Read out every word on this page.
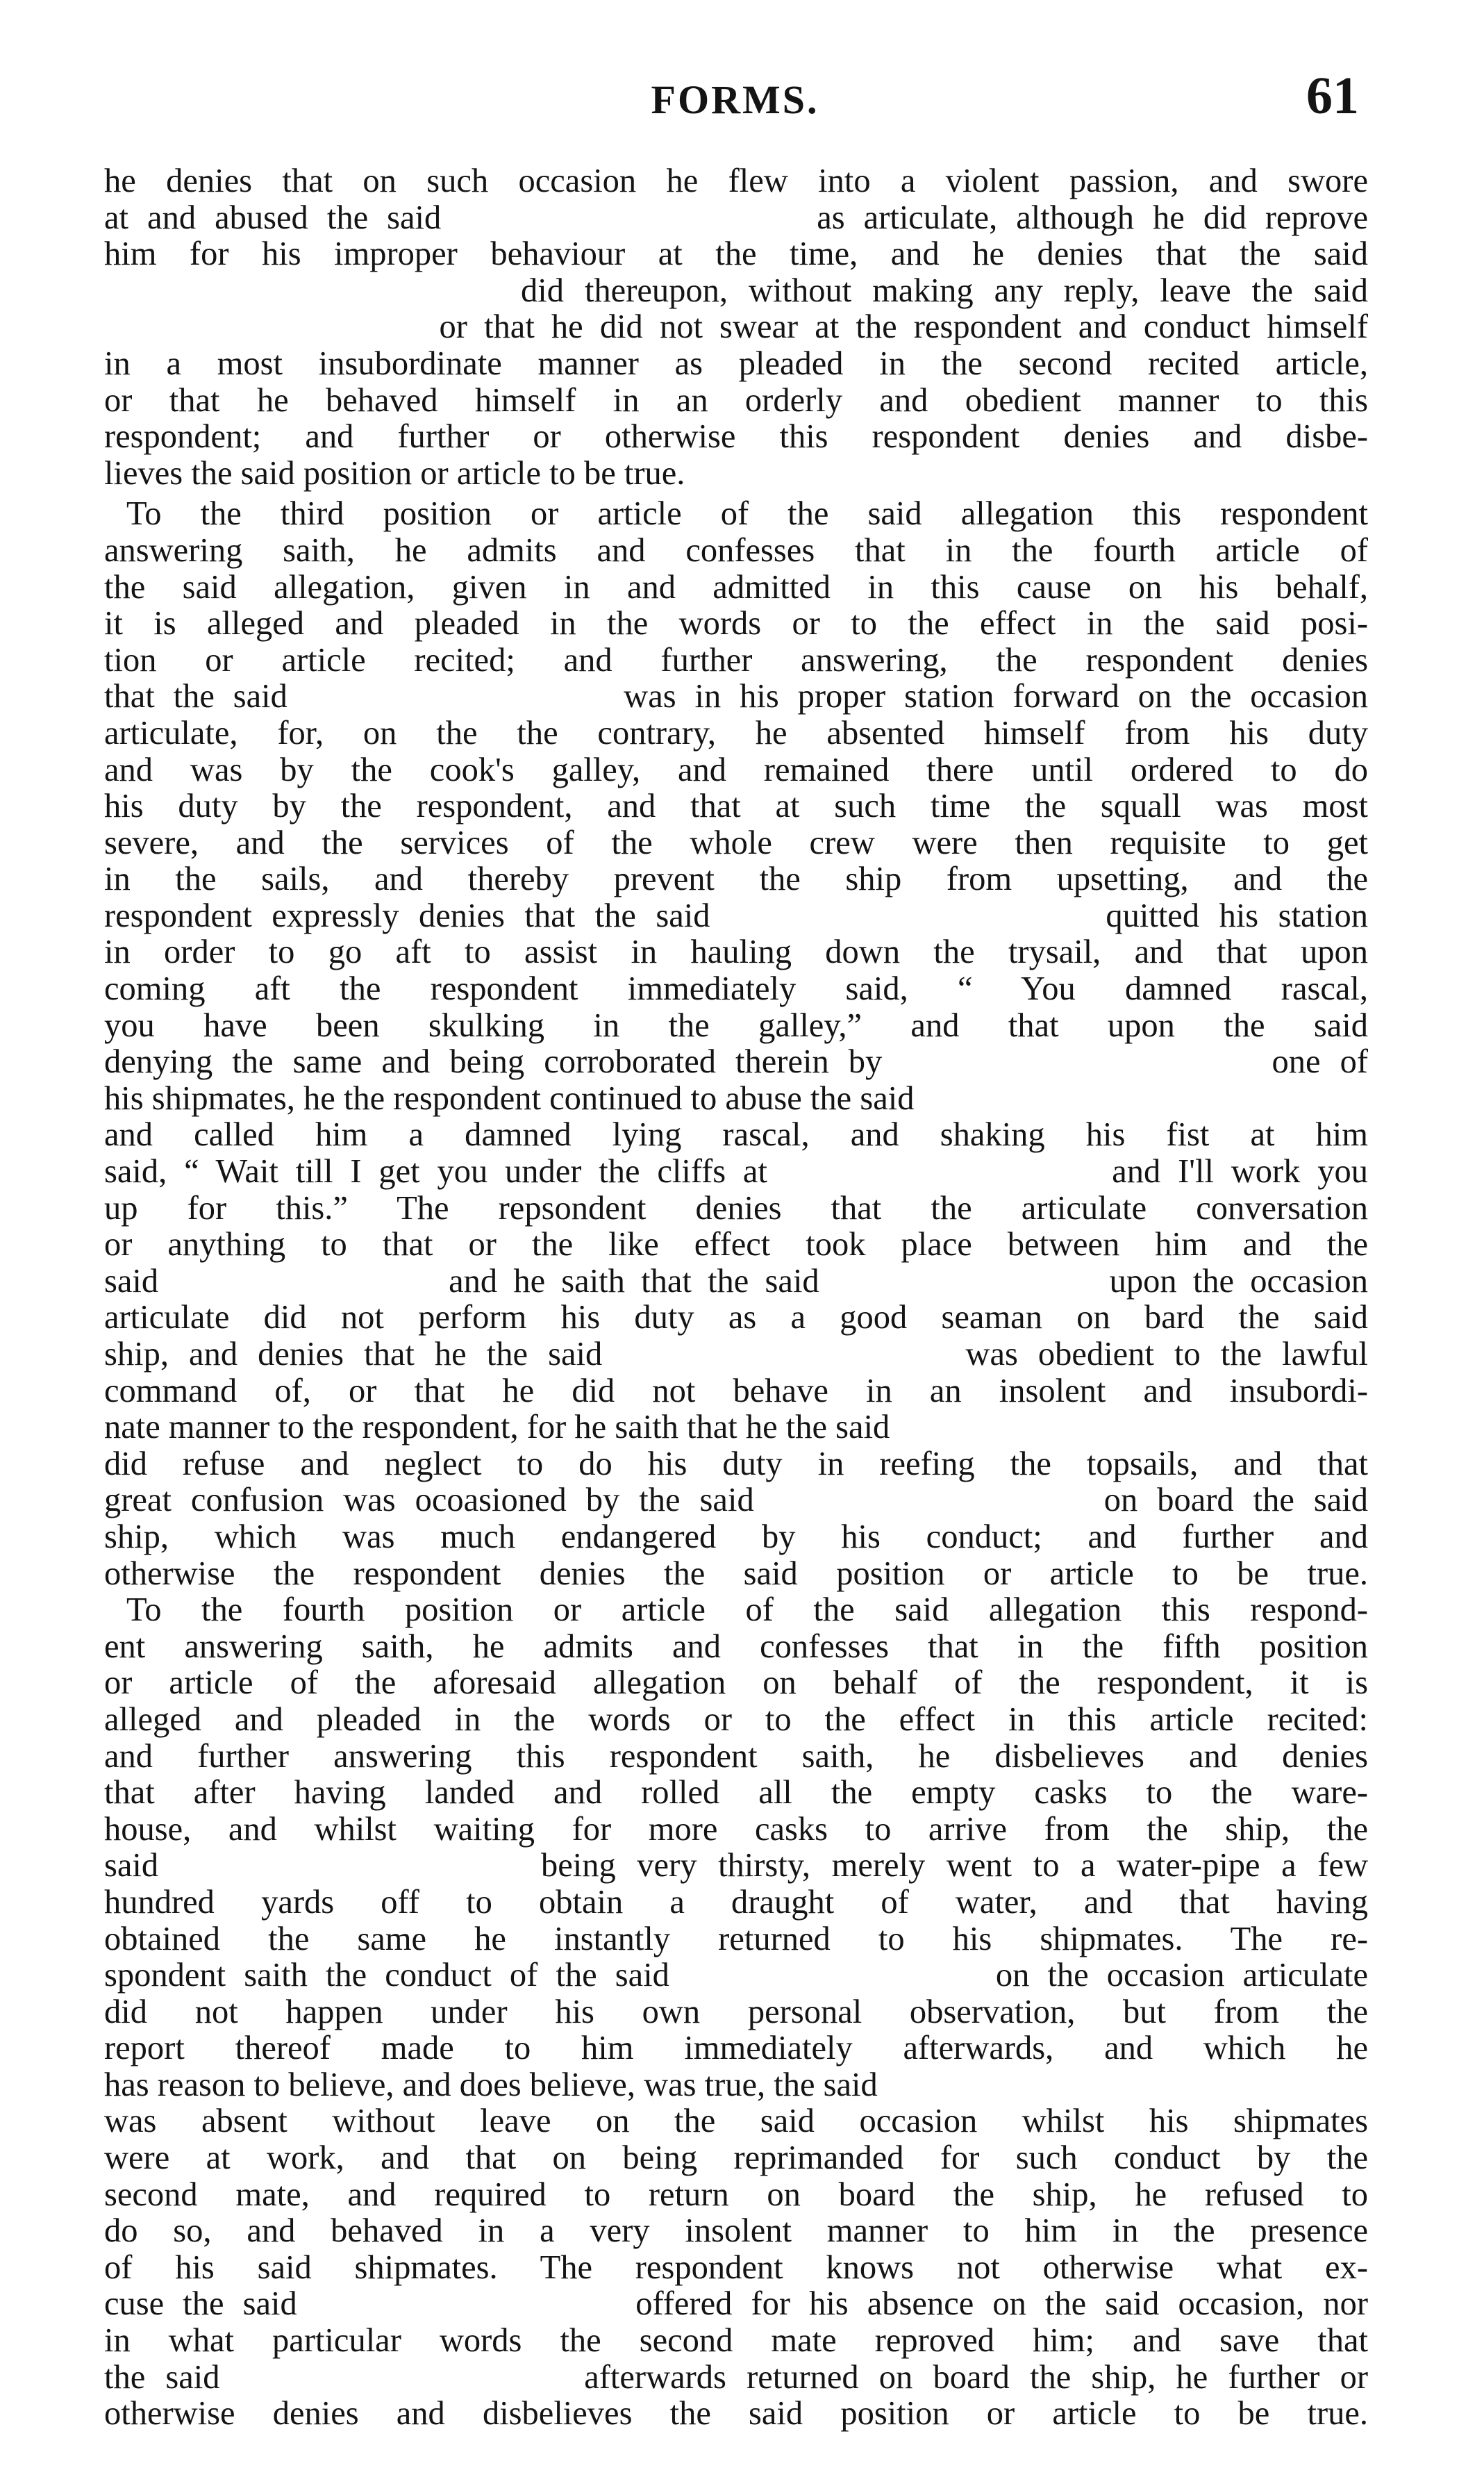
FORMS.	61
he denies that on such occasion he flew into a violent passion, and swore
at and abused the said                    as articulate, although he did reprove
him for his improper behaviour at the time, and he denies that the said
did thereupon, without making any reply, leave the said
or that he did not swear at the respondent and conduct himself
in a most insubordinate manner as pleaded in the second recited article,
or that he behaved himself in an orderly and obedient manner to this
respondent; and further or otherwise this respondent denies and disbe-
lieves the said position or article to be true.
To the third position or article of the said allegation this respondent
answering saith, he admits and confesses that in the fourth article of
the said allegation, given in and admitted in this cause on his behalf,
it is alleged and pleaded in the words or to the effect in the said posi-
tion or article recited; and further answering, the respondent denies
that the said                  was in his proper station forward on the occasion
articulate, for, on the the contrary, he absented himself from his duty
and was by the cook's galley, and remained there until ordered to do
his duty by the respondent, and that at such time the squall was most
severe, and the services of the whole crew were then requisite to get
in the sails, and thereby prevent the ship from upsetting, and the
respondent expressly denies that the said                    quitted his station
in order to go aft to assist in hauling down the trysail, and that upon
coming aft the respondent immediately said, “ You damned rascal,
you have been skulking in the galley,” and that upon the said
denying the same and being corroborated therein by                    one of
his shipmates, he the respondent continued to abuse the said
and called him a damned lying rascal, and shaking his fist at him
said, “ Wait till I get you under the cliffs at                    and I'll work you
up for this.” The repsondent denies that the articulate conversation
or anything to that or the like effect took place between him and the
said                  and he saith that the said                  upon the occasion
articulate did not perform his duty as a good seaman on bard the said
ship, and denies that he the said                  was obedient to the lawful
command of, or that he did not behave in an insolent and insubordi-
nate manner to the respondent, for he saith that he the said
did refuse and neglect to do his duty in reefing the topsails, and that
great confusion was ocoasioned by the said                  on board the said
ship, which was much endangered by his conduct; and further and
otherwise the respondent denies the said position or article to be true.
To the fourth position or article of the said allegation this respond-
ent answering saith, he admits and confesses that in the fifth position
or article of the aforesaid allegation on behalf of the respondent, it is
alleged and pleaded in the words or to the effect in this article recited:
and further answering this respondent saith, he disbelieves and denies
that after having landed and rolled all the empty casks to the ware-
house, and whilst waiting for more casks to arrive from the ship, the
said                  being very thirsty, merely went to a water-pipe a few
hundred yards off to obtain a draught of water, and that having
obtained the same he instantly returned to his shipmates. The re-
spondent saith the conduct of the said                  on the occasion articulate
did not happen under his own personal observation, but from the
report thereof made to him immediately afterwards, and which he
has reason to believe, and does believe, was true, the said
was absent without leave on the said occasion whilst his shipmates
were at work, and that on being reprimanded for such conduct by the
second mate, and required to return on board the ship, he refused to
do so, and behaved in a very insolent manner to him in the presence
of his said shipmates. The respondent knows not otherwise what ex-
cuse the said                  offered for his absence on the said occasion, nor
in what particular words the second mate reproved him; and save that
the said                  afterwards returned on board the ship, he further or
otherwise denies and disbelieves the said position or article to be true.
